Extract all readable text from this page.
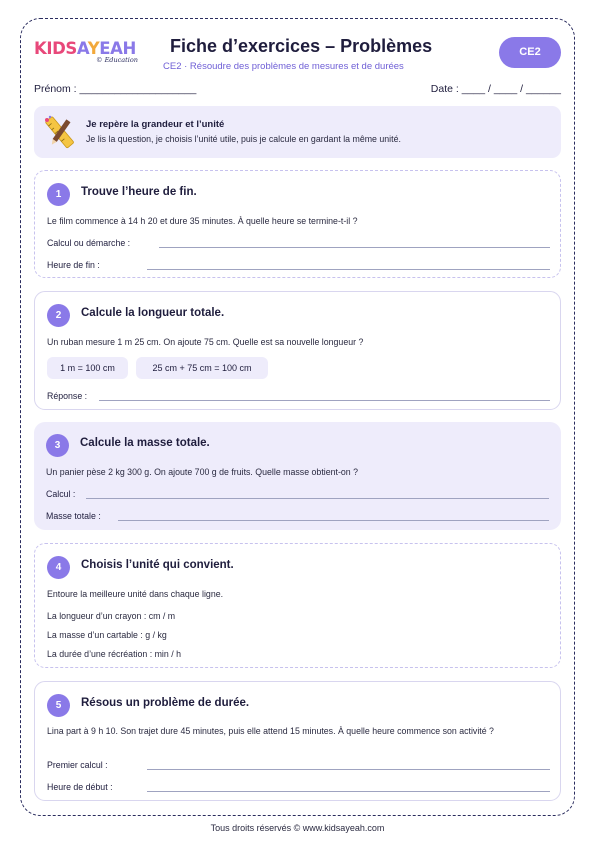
KIDSAYEAH
© Education
Fiche d’exercices – Problèmes
CE2 · Résoudre des problèmes de mesures et de durées
CE2
Prénom : ____________________	Date : ____ / ____ / ______
Je repère la grandeur et l’unité
Je lis la question, je choisis l’unité utile, puis je calcule en gardant la même unité.
1	Trouve l’heure de fin.
Le film commence à 14 h 20 et dure 35 minutes. À quelle heure se termine-t-il ?
Calcul ou démarche :
Heure de fin :
2	Calcule la longueur totale.
Un ruban mesure 1 m 25 cm. On ajoute 75 cm. Quelle est sa nouvelle longueur ?
1 m = 100 cm	25 cm + 75 cm = 100 cm
Réponse :
3	Calcule la masse totale.
Un panier pèse 2 kg 300 g. On ajoute 700 g de fruits. Quelle masse obtient-on ?
Calcul :
Masse totale :
4	Choisis l’unité qui convient.
Entoure la meilleure unité dans chaque ligne.
La longueur d’un crayon : cm / m
La masse d’un cartable : g / kg
La durée d’une récréation : min / h
5	Résous un problème de durée.
Lina part à 9 h 10. Son trajet dure 45 minutes, puis elle attend 15 minutes. À quelle heure commence son activité ?
Premier calcul :
Heure de début :
Tous droits réservés © www.kidsayeah.com
